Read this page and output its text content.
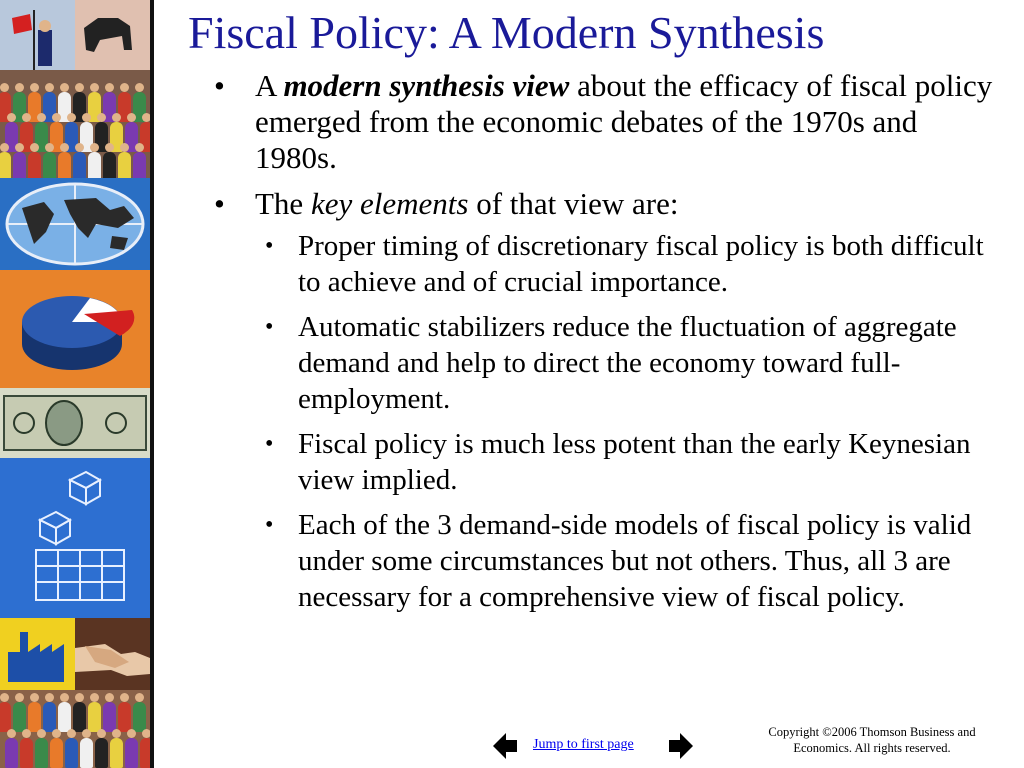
Fiscal Policy: A Modern Synthesis
• A modern synthesis view about the efficacy of fiscal policy emerged from the economic debates of the 1970s and 1980s.
• The key elements of that view are:
• Proper timing of discretionary fiscal policy is both difficult to achieve and of crucial importance.
• Automatic stabilizers reduce the fluctuation of aggregate demand and help to direct the economy toward full-employment.
• Fiscal policy is much less potent than the early Keynesian view implied.
• Each of the 3 demand-side models of fiscal policy is valid under some circumstances but not others. Thus, all 3 are necessary for a comprehensive view of fiscal policy.
Jump to first page
Copyright ©2006 Thomson Business and Economics. All rights reserved.
